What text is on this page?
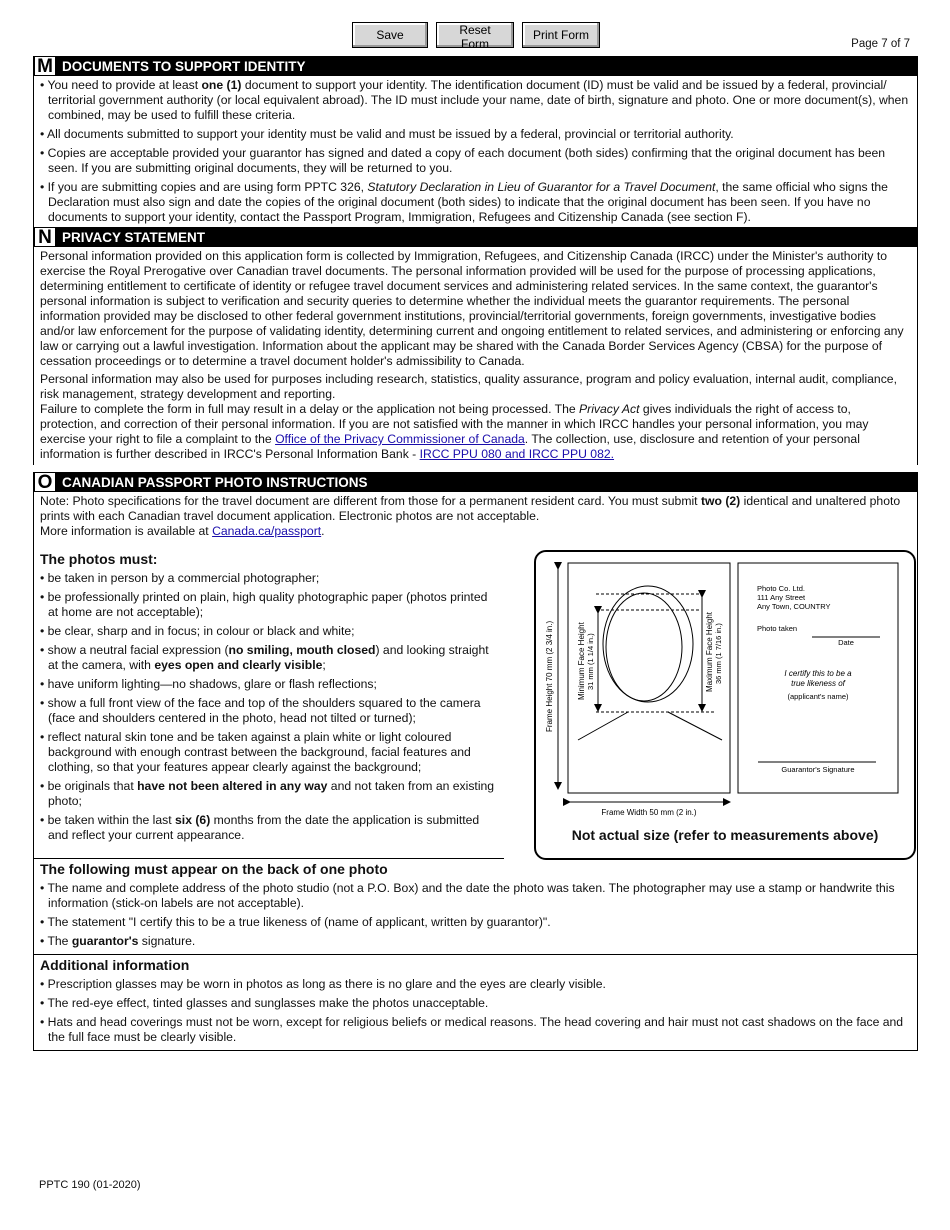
Save	Reset Form
Print Form
Page 7 of 7
M DOCUMENTS TO SUPPORT IDENTITY

• You need to provide at least one (1) document to support your identity. The identification document (ID) must be valid and be issued by a federal, provincial/ territorial government authority (or local equivalent abroad). The ID must include your name, date of birth, signature and photo. One or more document(s), when combined, may be used to fulfill these criteria.

• All documents submitted to support your identity must be valid and must be issued by a federal, provincial or territorial authority.

• Copies are acceptable provided your guarantor has signed and dated a copy of each document (both sides) confirming that the original document has been seen. If you are submitting original documents, they will be returned to you.

• If you are submitting copies and are using form PPTC 326, Statutory Declaration in Lieu of Guarantor for a Travel Document, the same official who signs the Declaration must also sign and date the copies of the original document (both sides) to indicate that the original document has been seen. If you have no documents to support your identity, contact the Passport Program, Immigration, Refugees and Citizenship Canada (see section F).

N PRIVACY STATEMENT

Personal information provided on this application form is collected by Immigration, Refugees, and Citizenship Canada (IRCC) under the Minister's authority to exercise the Royal Prerogative over Canadian travel documents. The personal information provided will be used for the purpose of processing applications, determining entitlement to certificate of identity or refugee travel document services and administering related services. In the same context, the guarantor's personal information is subject to verification and security queries to determine whether the individual meets the guarantor requirements. The personal information provided may be disclosed to other federal government institutions, provincial/territorial governments, foreign governments, investigative bodies and/or law enforcement for the purpose of validating identity, determining current and ongoing entitlement to related services, and administering or enforcing any law or carrying out a lawful investigation. Information about the applicant may be shared with the Canada Border Services Agency (CBSA) for the purpose of cessation proceedings or to determine a travel document holder's admissibility to Canada.

Personal information may also be used for purposes including research, statistics, quality assurance, program and policy evaluation, internal audit, compliance, risk management, strategy development and reporting.

Failure to complete the form in full may result in a delay or the application not being processed. The Privacy Act gives individuals the right of access to, protection, and correction of their personal information. If you are not satisfied with the manner in which IRCC handles your personal information, you may exercise your right to file a complaint to the Office of the Privacy Commissioner of Canada. The collection, use, disclosure and retention of your personal information is further described in IRCC's Personal Information Bank - IRCC PPU 080 and IRCC PPU 082.

O CANADIAN PASSPORT PHOTO INSTRUCTIONS

Note: Photo specifications for the travel document are different from those for a permanent resident card. You must submit two (2) identical and unaltered photo prints with each Canadian travel document application. Electronic photos are not acceptable.

More information is available at Canada.ca/passport.

The photos must:

• be taken in person by a commercial photographer;

• be professionally printed on plain, high quality photographic paper (photos printed at home are not acceptable);

• be clear, sharp and in focus; in colour or black and white;

• show a neutral facial expression (no smiling, mouth closed) and looking straight at the camera, with eyes open and clearly visible;

• have uniform lighting—no shadows, glare or flash reflections;

• show a full front view of the face and top of the shoulders squared to the camera (face and shoulders centered in the photo, head not tilted or turned);

• reflect natural skin tone and be taken against a plain white or light coloured background with enough contrast between the background, facial features and clothing, so that your features appear clearly against the background;

• be originals that have not been altered in any way and not taken from an existing photo;

• be taken within the last six (6) months from the date the application is submitted and reflect your current appearance.

The following must appear on the back of one photo

• The name and complete address of the photo studio (not a P.O. Box) and the date the photo was taken. The photographer may use a stamp or handwrite this information (stick-on labels are not acceptable).

• The statement "I certify this to be a true likeness of (name of applicant, written by guarantor)".

• The guarantor's signature.

Additional information

• Prescription glasses may be worn in photos as long as there is no glare and the eyes are clearly visible.

• The red-eye effect, tinted glasses and sunglasses make the photos unacceptable.

• Hats and head coverings must not be worn, except for religious beliefs or medical reasons. The head covering and hair must not cast shadows on the face and the full face must be clearly visible.

Frame Height 70 mm (2 3/4 in.)	Minimum Face Height 31 mm (1 1/4 in.)	Maximum Face Height 36 mm (1 7/16 in.)
Frame Width 50 mm (2 in.)
Photo Co. Ltd.
111 Any Street
Any Town, COUNTRY
Photo taken
Date
I certify this to be a
true likeness of
(applicant's name)
Guarantor's Signature
Not actual size (refer to measurements above)
PPTC 190 (01-2020)
